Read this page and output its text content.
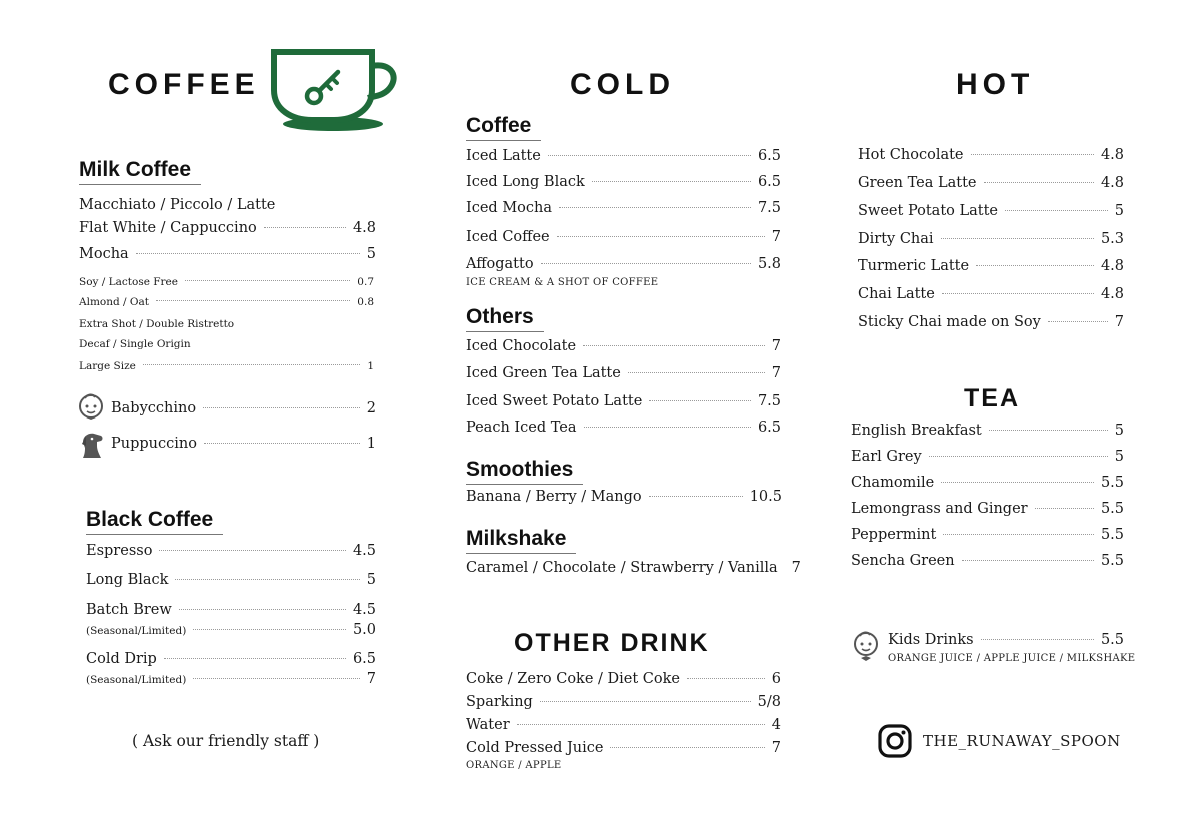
COFFEE
Milk Coffee
Macchiato / Piccolo / Latte
Flat White / Cappuccino	4.8
Mocha	5
Soy / Lactose Free	0.7
Almond / Oat	0.8
Extra Shot / Double Ristretto
Decaf / Single Origin
Large Size	1
Babycchino	2
Puppuccino	1
Black Coffee
Espresso	4.5
Long Black	5
Batch Brew	4.5
(Seasonal/Limited)	5.0
Cold Drip	6.5
(Seasonal/Limited)	7
( Ask our friendly staff )
COLD
Coffee
Iced Latte	6.5
Iced Long Black	6.5
Iced Mocha	7.5
Iced Coffee	7
Affogatto	5.8
ICE CREAM & A SHOT OF COFFEE
Others
Iced Chocolate	7
Iced Green Tea Latte	7
Iced Sweet Potato Latte	7.5
Peach Iced Tea	6.5
Smoothies
Banana / Berry / Mango	10.5
Milkshake
Caramel / Chocolate / Strawberry / Vanilla 7
OTHER DRINK
Coke / Zero Coke / Diet Coke	6
Sparking	5/8
Water	4
Cold Pressed Juice	7
ORANGE / APPLE
HOT
Hot Chocolate	4.8
Green Tea Latte	4.8
Sweet Potato Latte	5
Dirty Chai	5.3
Turmeric Latte	4.8
Chai Latte	4.8
Sticky Chai made on Soy	7
TEA
English Breakfast	5
Earl Grey	5
Chamomile	5.5
Lemongrass and Ginger	5.5
Peppermint	5.5
Sencha Green	5.5
Kids Drinks	5.5
ORANGE JUICE / APPLE JUICE / MILKSHAKE
THE_RUNAWAY_SPOON
